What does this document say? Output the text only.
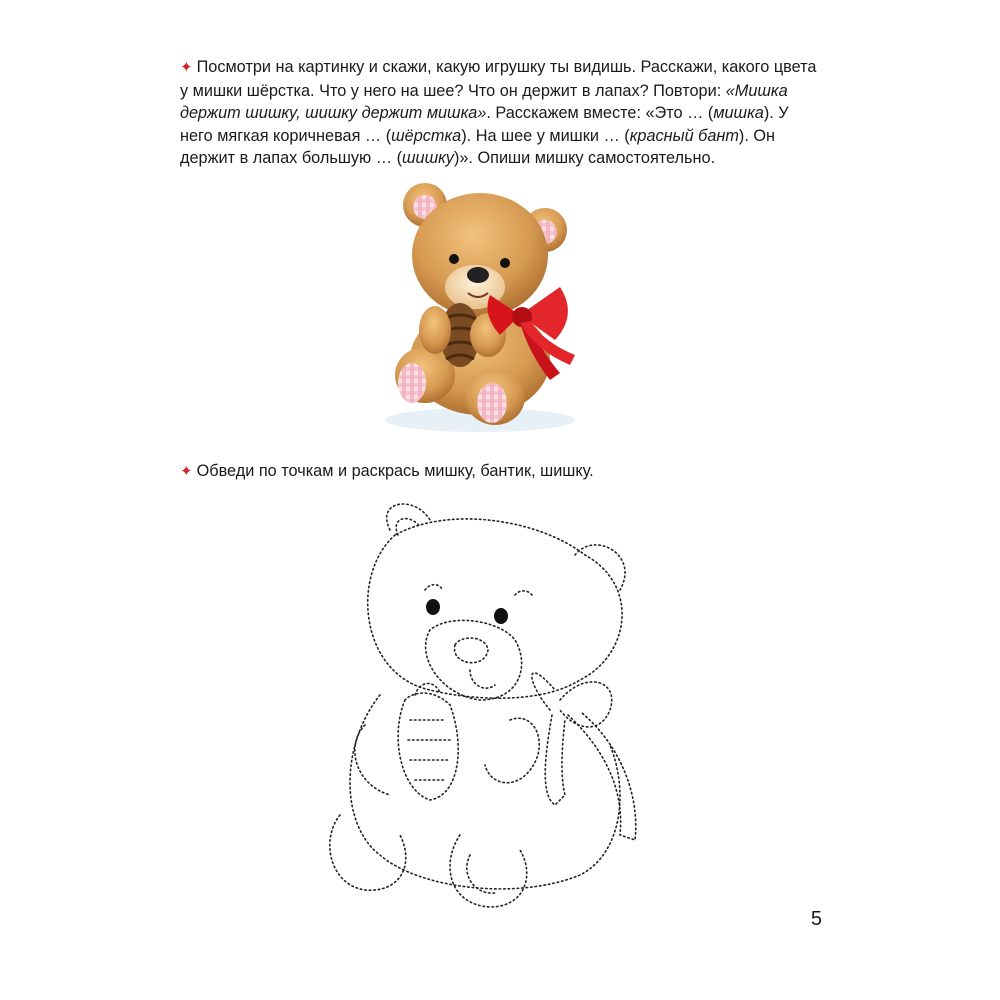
✦ Посмотри на картинку и скажи, какую игрушку ты видишь. Расскажи, какого цвета у мишки шёрстка. Что у него на шее? Что он держит в лапах? Повтори: «Мишка держит шишку, шишку держит мишка». Расскажем вместе: «Это … (мишка). У него мягкая коричневая … (шёрстка). На шее у мишки … (красный бант). Он держит в лапах большую … (шишку)». Опиши мишку самостоятельно.
✦ Обведи по точкам и раскрась мишку, бантик, шишку.
5
